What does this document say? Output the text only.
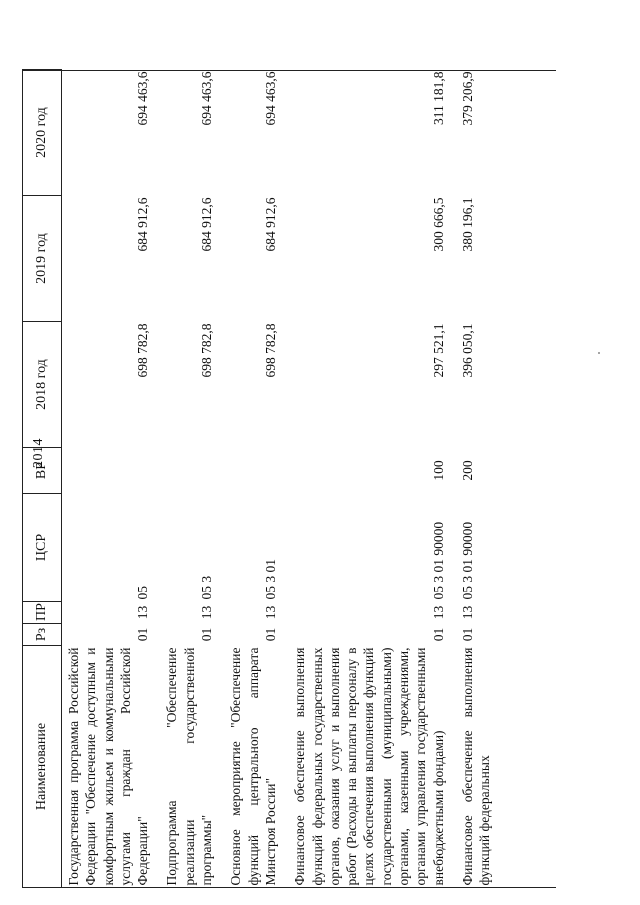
2014
Наименование	Рз	ПР	ЦСР	ВР	2018 год	2019 год	2020 год
Государственная программа Российской Федерации "Обеспечение доступным и комфортным жильем и коммунальными услугами граждан Российской Федерации"	01	13	05		698 782,8	684 912,6	694 463,6
Подпрограмма "Обеспечение реализации государственной программы"	01	13	05 3		698 782,8	684 912,6	694 463,6
Основное мероприятие "Обеспечение функций центрального аппарата Минстроя России"	01	13	05 3 01		698 782,8	684 912,6	694 463,6
Финансовое обеспечение выполнения функций федеральных государственных органов, оказания услуг и выполнения работ (Расходы на выплаты персоналу в целях обеспечения выполнения функций государственными (муниципальными) органами, казенными учреждениями, органами управления государственными внебюджетными фондами)	01	13	05 3 01 90000	100	297 521,1	300 666,5	311 181,8
Финансовое обеспечение выполнения функций федеральных	01	13	05 3 01 90000	200	396 050,1	380 196,1	379 206,9
